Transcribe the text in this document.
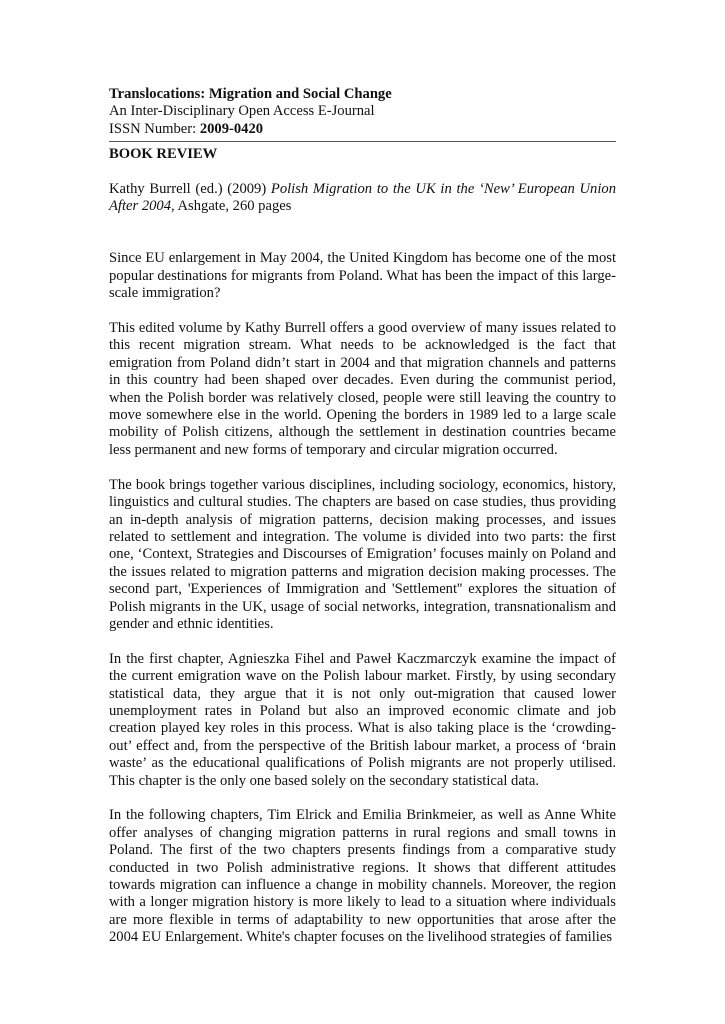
Translocations: Migration and Social Change

An Inter-Disciplinary Open Access E-Journal

ISSN Number: 2009-0420

BOOK REVIEW

Kathy Burrell (ed.) (2009) Polish Migration to the UK in the ‘New’ European Union After 2004, Ashgate, 260 pages

Since EU enlargement in May 2004, the United Kingdom has become one of the most popular destinations for migrants from Poland. What has been the impact of this large-scale immigration?

This edited volume by Kathy Burrell offers a good overview of many issues related to this recent migration stream. What needs to be acknowledged is the fact that emigration from Poland didn’t start in 2004 and that migration channels and patterns in this country had been shaped over decades. Even during the communist period, when the Polish border was relatively closed, people were still leaving the country to move somewhere else in the world. Opening the borders in 1989 led to a large scale mobility of Polish citizens, although the settlement in destination countries became less permanent and new forms of temporary and circular migration occurred.

The book brings together various disciplines, including sociology, economics, history, linguistics and cultural studies. The chapters are based on case studies, thus providing an in-depth analysis of migration patterns, decision making processes, and issues related to settlement and integration. The volume is divided into two parts: the first one, ‘Context, Strategies and Discourses of Emigration’ focuses mainly on Poland and the issues related to migration patterns and migration decision making processes. The second part, 'Experiences of Immigration and 'Settlement'' explores the situation of Polish migrants in the UK, usage of social networks, integration, transnationalism and gender and ethnic identities.

In the first chapter, Agnieszka Fihel and Paweł Kaczmarczyk examine the impact of the current emigration wave on the Polish labour market. Firstly, by using secondary statistical data, they argue that it is not only out-migration that caused lower unemployment rates in Poland but also an improved economic climate and job creation played key roles in this process. What is also taking place is the ‘crowding-out’ effect and, from the perspective of the British labour market, a process of ‘brain waste’ as the educational qualifications of Polish migrants are not properly utilised. This chapter is the only one based solely on the secondary statistical data.

In the following chapters, Tim Elrick and Emilia Brinkmeier, as well as Anne White offer analyses of changing migration patterns in rural regions and small towns in Poland. The first of the two chapters presents findings from a comparative study conducted in two Polish administrative regions. It shows that different attitudes towards migration can influence a change in mobility channels. Moreover, the region with a longer migration history is more likely to lead to a situation where individuals are more flexible in terms of adaptability to new opportunities that arose after the 2004 EU Enlargement. White's chapter focuses on the livelihood strategies of families
